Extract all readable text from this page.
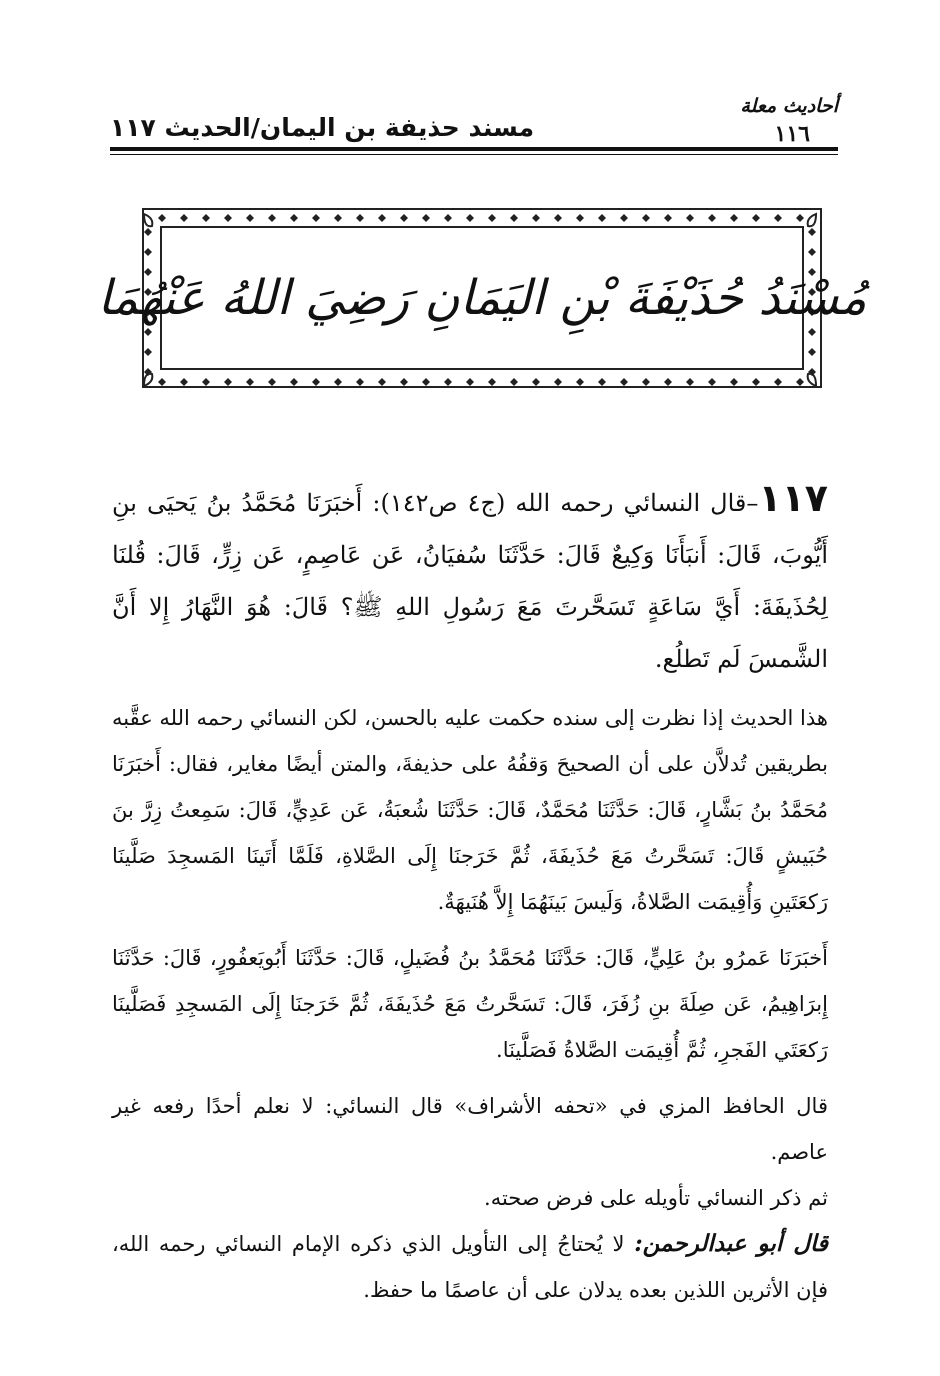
أحاديث معلة
١١٦
مسند حذيفة بن اليمان/الحديث ١١٧
مُسْنَدُ حُذَيْفَةَ بْنِ اليَمَانِ رَضِيَ اللهُ عَنْهُمَا

١١٧–قال النسائي رحمه الله (ج٤ ص١٤٢): أَخبَرَنَا مُحَمَّدُ بنُ يَحيَى بنِ أَيُّوبَ، قَالَ: أَنبَأَنَا وَكِيعٌ قَالَ: حَدَّثَنَا سُفيَانُ، عَن عَاصِمٍ، عَن زِرٍّ، قَالَ: قُلنَا لِحُذَيفَةَ: أَيَّ سَاعَةٍ تَسَحَّرتَ مَعَ رَسُولِ اللهِ ﷺ؟ قَالَ: هُوَ النَّهَارُ إِلا أَنَّ الشَّمسَ لَم تَطلُع.

هذا الحديث إذا نظرت إلى سنده حكمت عليه بالحسن، لكن النسائي رحمه الله عقَّبه بطريقين تُدلاَّن على أن الصحيحَ وَقفُهُ على حذيفةَ، والمتن أيضًا مغاير، فقال: أَخبَرَنَا مُحَمَّدُ بنُ بَشَّارٍ، قَالَ: حَدَّثَنَا مُحَمَّدٌ، قَالَ: حَدَّثَنَا شُعبَةُ، عَن عَدِيٍّ، قَالَ: سَمِعتُ زِرَّ بنَ حُبَيشٍ قَالَ: تَسَحَّرتُ مَعَ حُذَيفَةَ، ثُمَّ خَرَجنَا إِلَى الصَّلاةِ، فَلَمَّا أَتَينَا المَسجِدَ صَلَّينَا رَكعَتَينِ وَأُقِيمَت الصَّلاةُ، وَلَيسَ بَينَهُمَا إِلاَّ هُنَيهَةٌ.

أَخبَرَنَا عَمرُو بنُ عَلِيٍّ، قَالَ: حَدَّثَنَا مُحَمَّدُ بنُ فُضَيلٍ، قَالَ: حَدَّثَنَا أَبُويَعفُورٍ، قَالَ: حَدَّثَنَا إِبرَاهِيمُ، عَن صِلَةَ بنِ زُفَرَ، قَالَ: تَسَحَّرتُ مَعَ حُذَيفَةَ، ثُمَّ خَرَجنَا إِلَى المَسجِدِ فَصَلَّينَا رَكعَتَي الفَجرِ، ثُمَّ أُقِيمَت الصَّلاةُ فَصَلَّينَا.

قال الحافظ المزي في «تحفه الأشراف» قال النسائي: لا نعلم أحدًا رفعه غير عاصم.

ثم ذكر النسائي تأويله على فرض صحته.

قال أبو عبدالرحمن: لا يُحتاجُ إلى التأويل الذي ذكره الإمام النسائي رحمه الله، فإن الأثرين اللذين بعده يدلان على أن عاصمًا ما حفظ.
